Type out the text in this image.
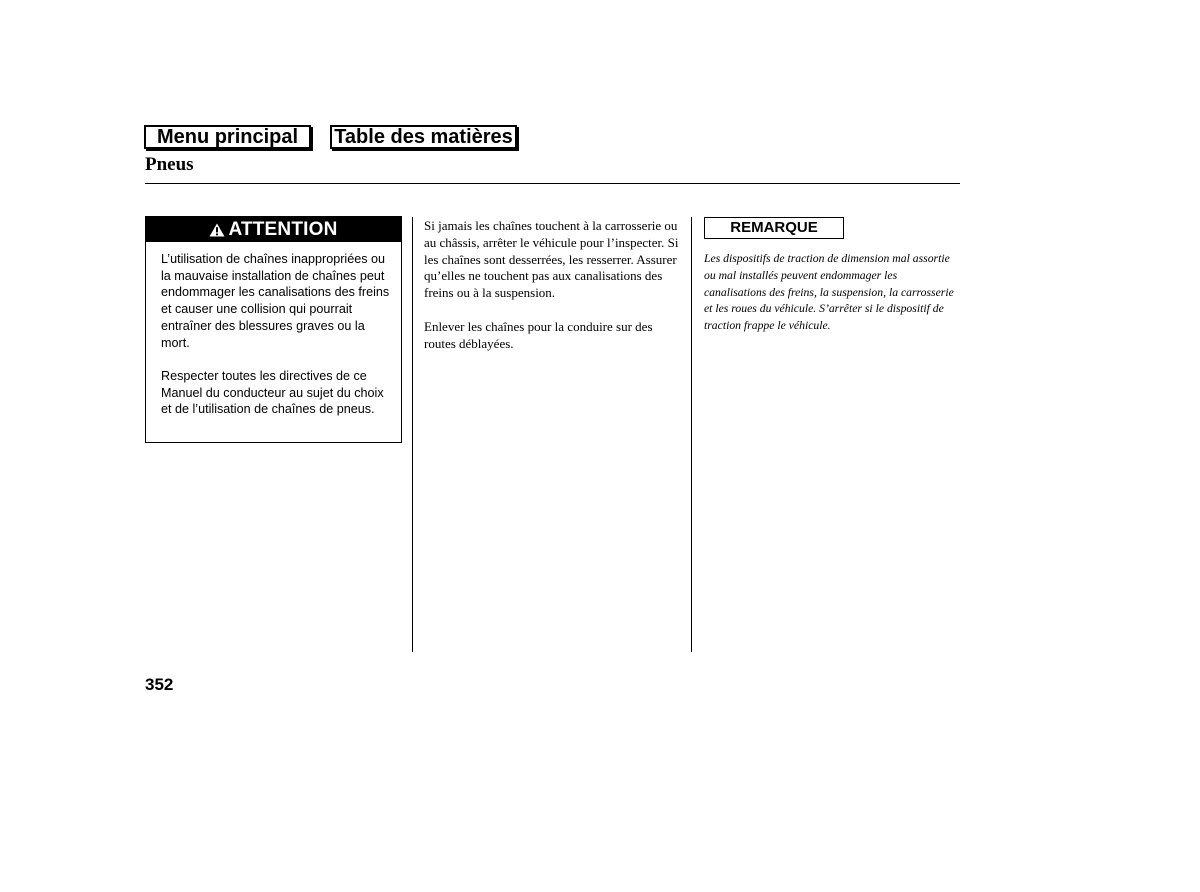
Menu principal	Table des matières
Pneus
ATTENTION

L’utilisation de chaînes inappropriées ou la mauvaise installation de chaînes peut endommager les canalisations des freins et causer une collision qui pourrait entraîner des blessures graves ou la mort.

Respecter toutes les directives de ce Manuel du conducteur au sujet du choix et de l’utilisation de chaînes de pneus.

Si jamais les chaînes touchent à la carrosserie ou au châssis, arrêter le véhicule pour l’inspecter. Si les chaînes sont desserrées, les resserrer. Assurer qu’elles ne touchent pas aux canalisations des freins ou à la suspension.

Enlever les chaînes pour la conduire sur des routes déblayées.

REMARQUE
Les dispositifs de traction de dimension mal assortie ou mal installés peuvent endommager les canalisations des freins, la suspension, la carrosserie et les roues du véhicule. S’arrêter si le dispositif de traction frappe le véhicule.
352
